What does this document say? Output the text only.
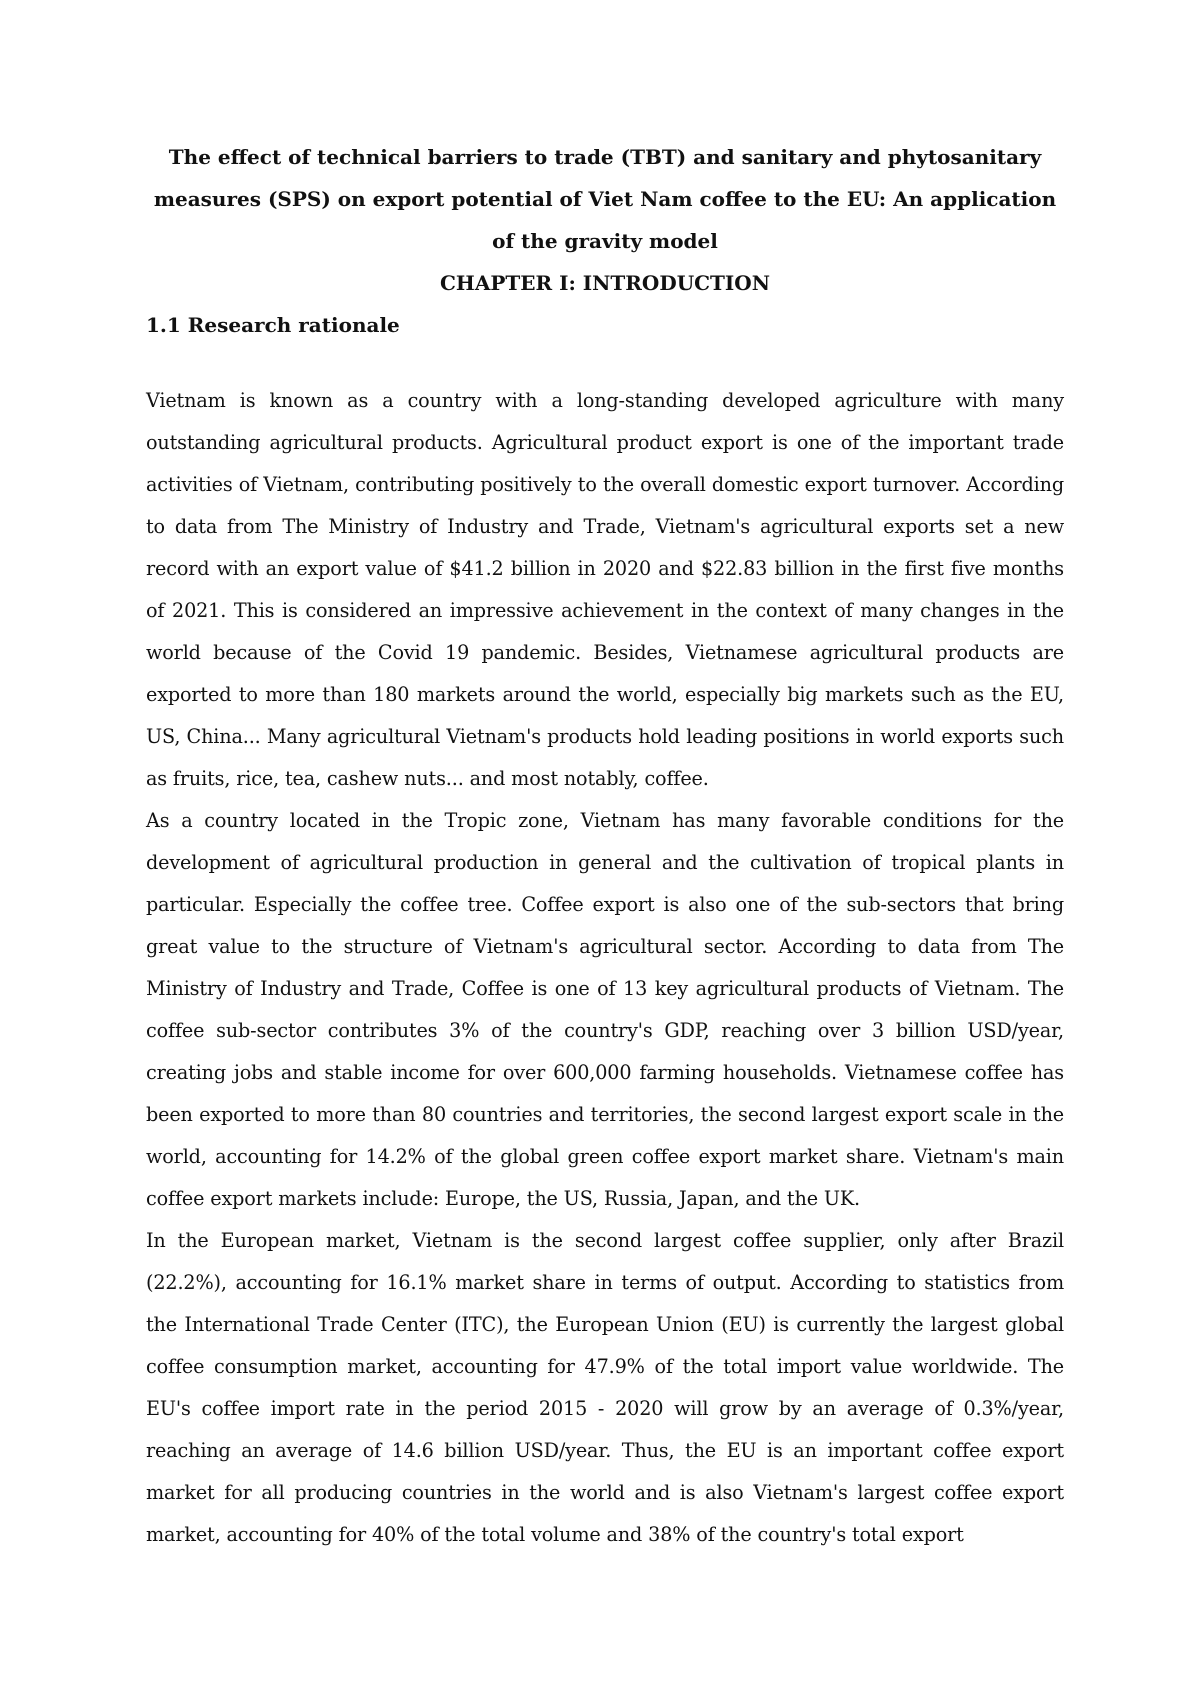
The effect of technical barriers to trade (TBT) and sanitary and phytosanitary measures (SPS) on export potential of Viet Nam coffee to the EU: An application of the gravity model
CHAPTER I: INTRODUCTION
1.1 Research rationale

Vietnam is known as a country with a long-standing developed agriculture with many outstanding agricultural products. Agricultural product export is one of the important trade activities of Vietnam, contributing positively to the overall domestic export turnover. According to data from The Ministry of Industry and Trade, Vietnam's agricultural exports set a new record with an export value of $41.2 billion in 2020 and $22.83 billion in the first five months of 2021. This is considered an impressive achievement in the context of many changes in the world because of the Covid 19 pandemic. Besides, Vietnamese agricultural products are exported to more than 180 markets around the world, especially big markets such as the EU, US, China... Many agricultural Vietnam's products hold leading positions in world exports such as fruits, rice, tea, cashew nuts... and most notably, coffee.

As a country located in the Tropic zone, Vietnam has many favorable conditions for the development of agricultural production in general and the cultivation of tropical plants in particular. Especially the coffee tree. Coffee export is also one of the sub-sectors that bring great value to the structure of Vietnam's agricultural sector. According to data from The Ministry of Industry and Trade, Coffee is one of 13 key agricultural products of Vietnam. The coffee sub-sector contributes 3% of the country's GDP, reaching over 3 billion USD/year, creating jobs and stable income for over 600,000 farming households. Vietnamese coffee has been exported to more than 80 countries and territories, the second largest export scale in the world, accounting for 14.2% of the global green coffee export market share. Vietnam's main coffee export markets include: Europe, the US, Russia, Japan, and the UK.

In the European market, Vietnam is the second largest coffee supplier, only after Brazil (22.2%), accounting for 16.1% market share in terms of output. According to statistics from the International Trade Center (ITC), the European Union (EU) is currently the largest global coffee consumption market, accounting for 47.9% of the total import value worldwide. The EU's coffee import rate in the period 2015 - 2020 will grow by an average of 0.3%/year, reaching an average of 14.6 billion USD/year. Thus, the EU is an important coffee export market for all producing countries in the world and is also Vietnam's largest coffee export market, accounting for 40% of the total volume and 38% of the country's total export
